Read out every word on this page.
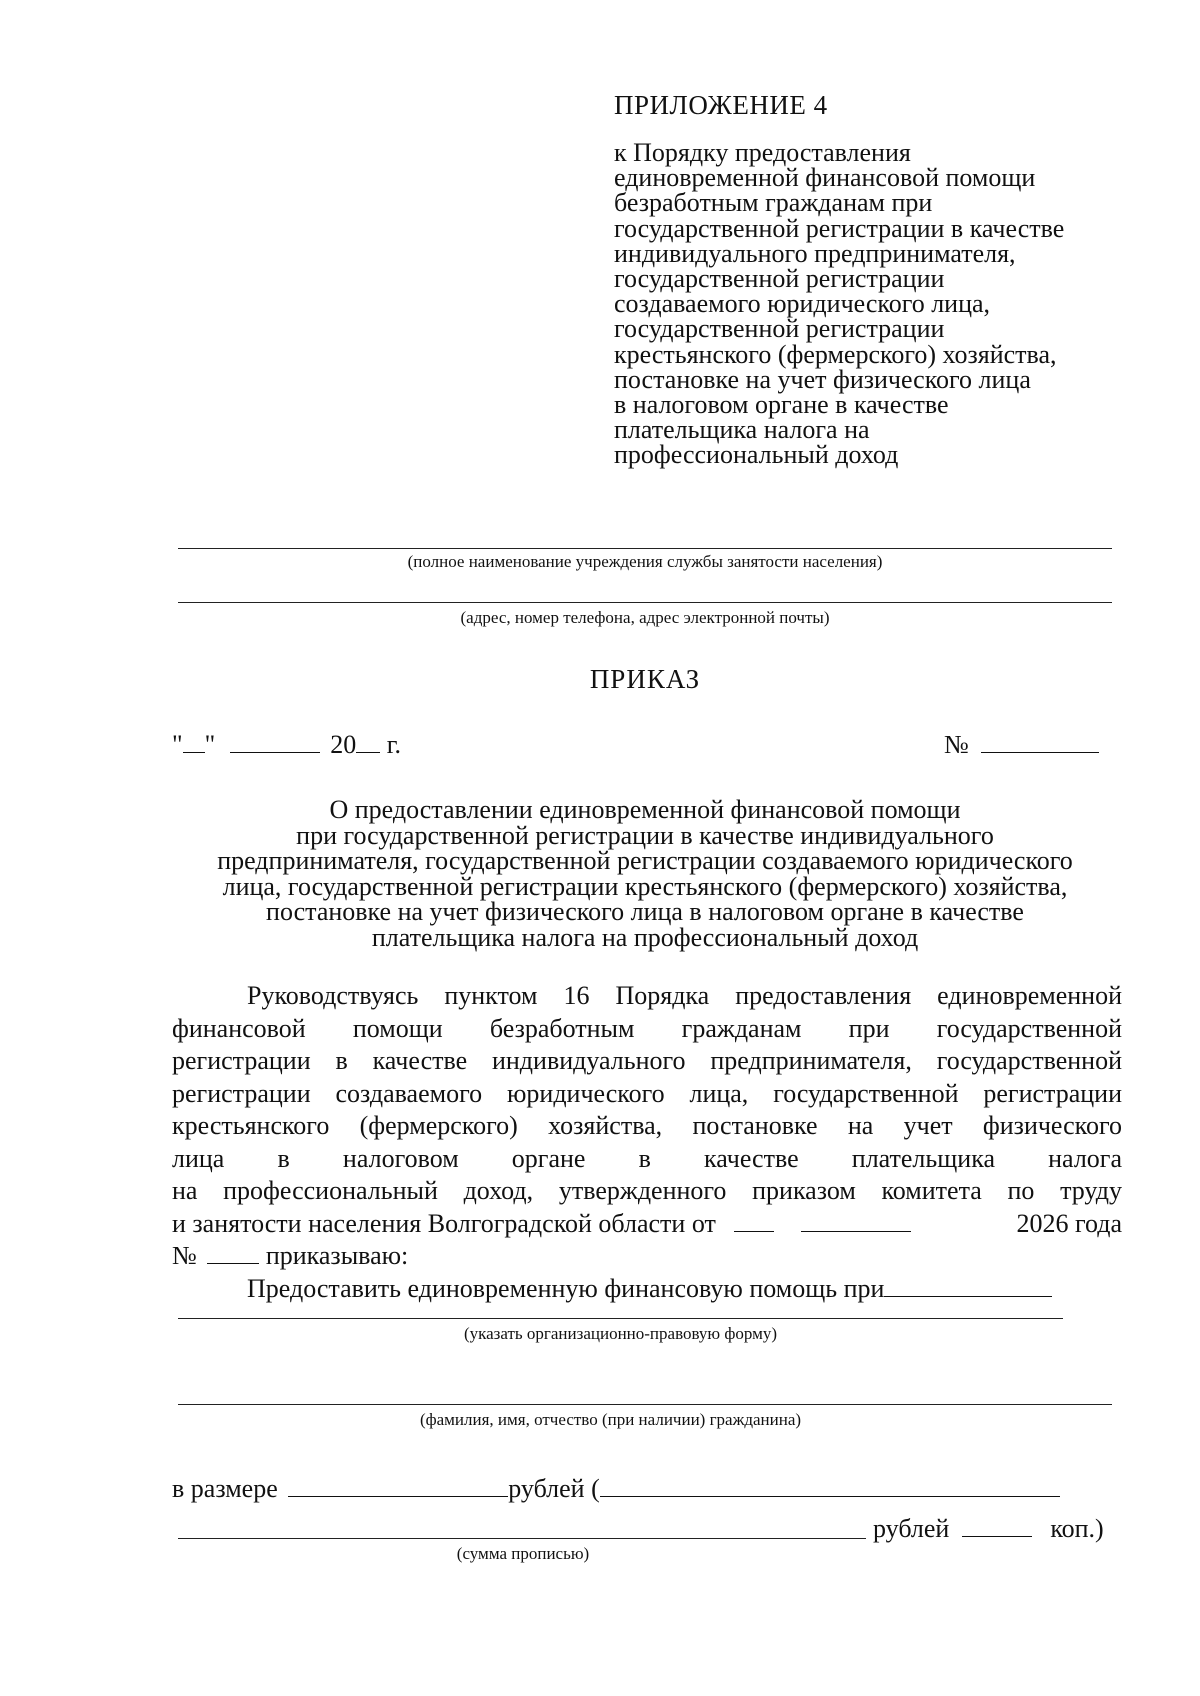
ПРИЛОЖЕНИЕ 4
к Порядку предоставления
единовременной финансовой помощи
безработным гражданам при
государственной регистрации в качестве
индивидуального предпринимателя,
государственной регистрации
создаваемого юридического лица,
государственной регистрации
крестьянского (фермерского) хозяйства,
постановке на учет физического лица
в налоговом органе в качестве
плательщика налога на
профессиональный доход
(полное наименование учреждения службы занятости населения)
(адрес, номер телефона, адрес электронной почты)
ПРИКАЗ
" "	20 г.	№
О предоставлении единовременной финансовой помощи
при государственной регистрации в качестве индивидуального
предпринимателя, государственной регистрации создаваемого юридического
лица, государственной регистрации крестьянского (фермерского) хозяйства,
постановке на учет физического лица в налоговом органе в качестве
плательщика налога на профессиональный доход
Руководствуясь пунктом 16 Порядка предоставления единовременной
финансовой помощи безработным гражданам при государственной
регистрации в качестве индивидуального предпринимателя, государственной
регистрации создаваемого юридического лица, государственной регистрации
крестьянского (фермерского) хозяйства, постановке на учет физического
лица в налоговом органе в качестве плательщика налога
на профессиональный доход, утвержденного приказом комитета по труду
и занятости населения Волгоградской области от	2026 года
№	приказываю:
Предоставить единовременную финансовую помощь при
(указать организационно-правовую форму)
(фамилия, имя, отчество (при наличии) гражданина)
в размере	рублей (
рублей	коп.)
(сумма прописью)
